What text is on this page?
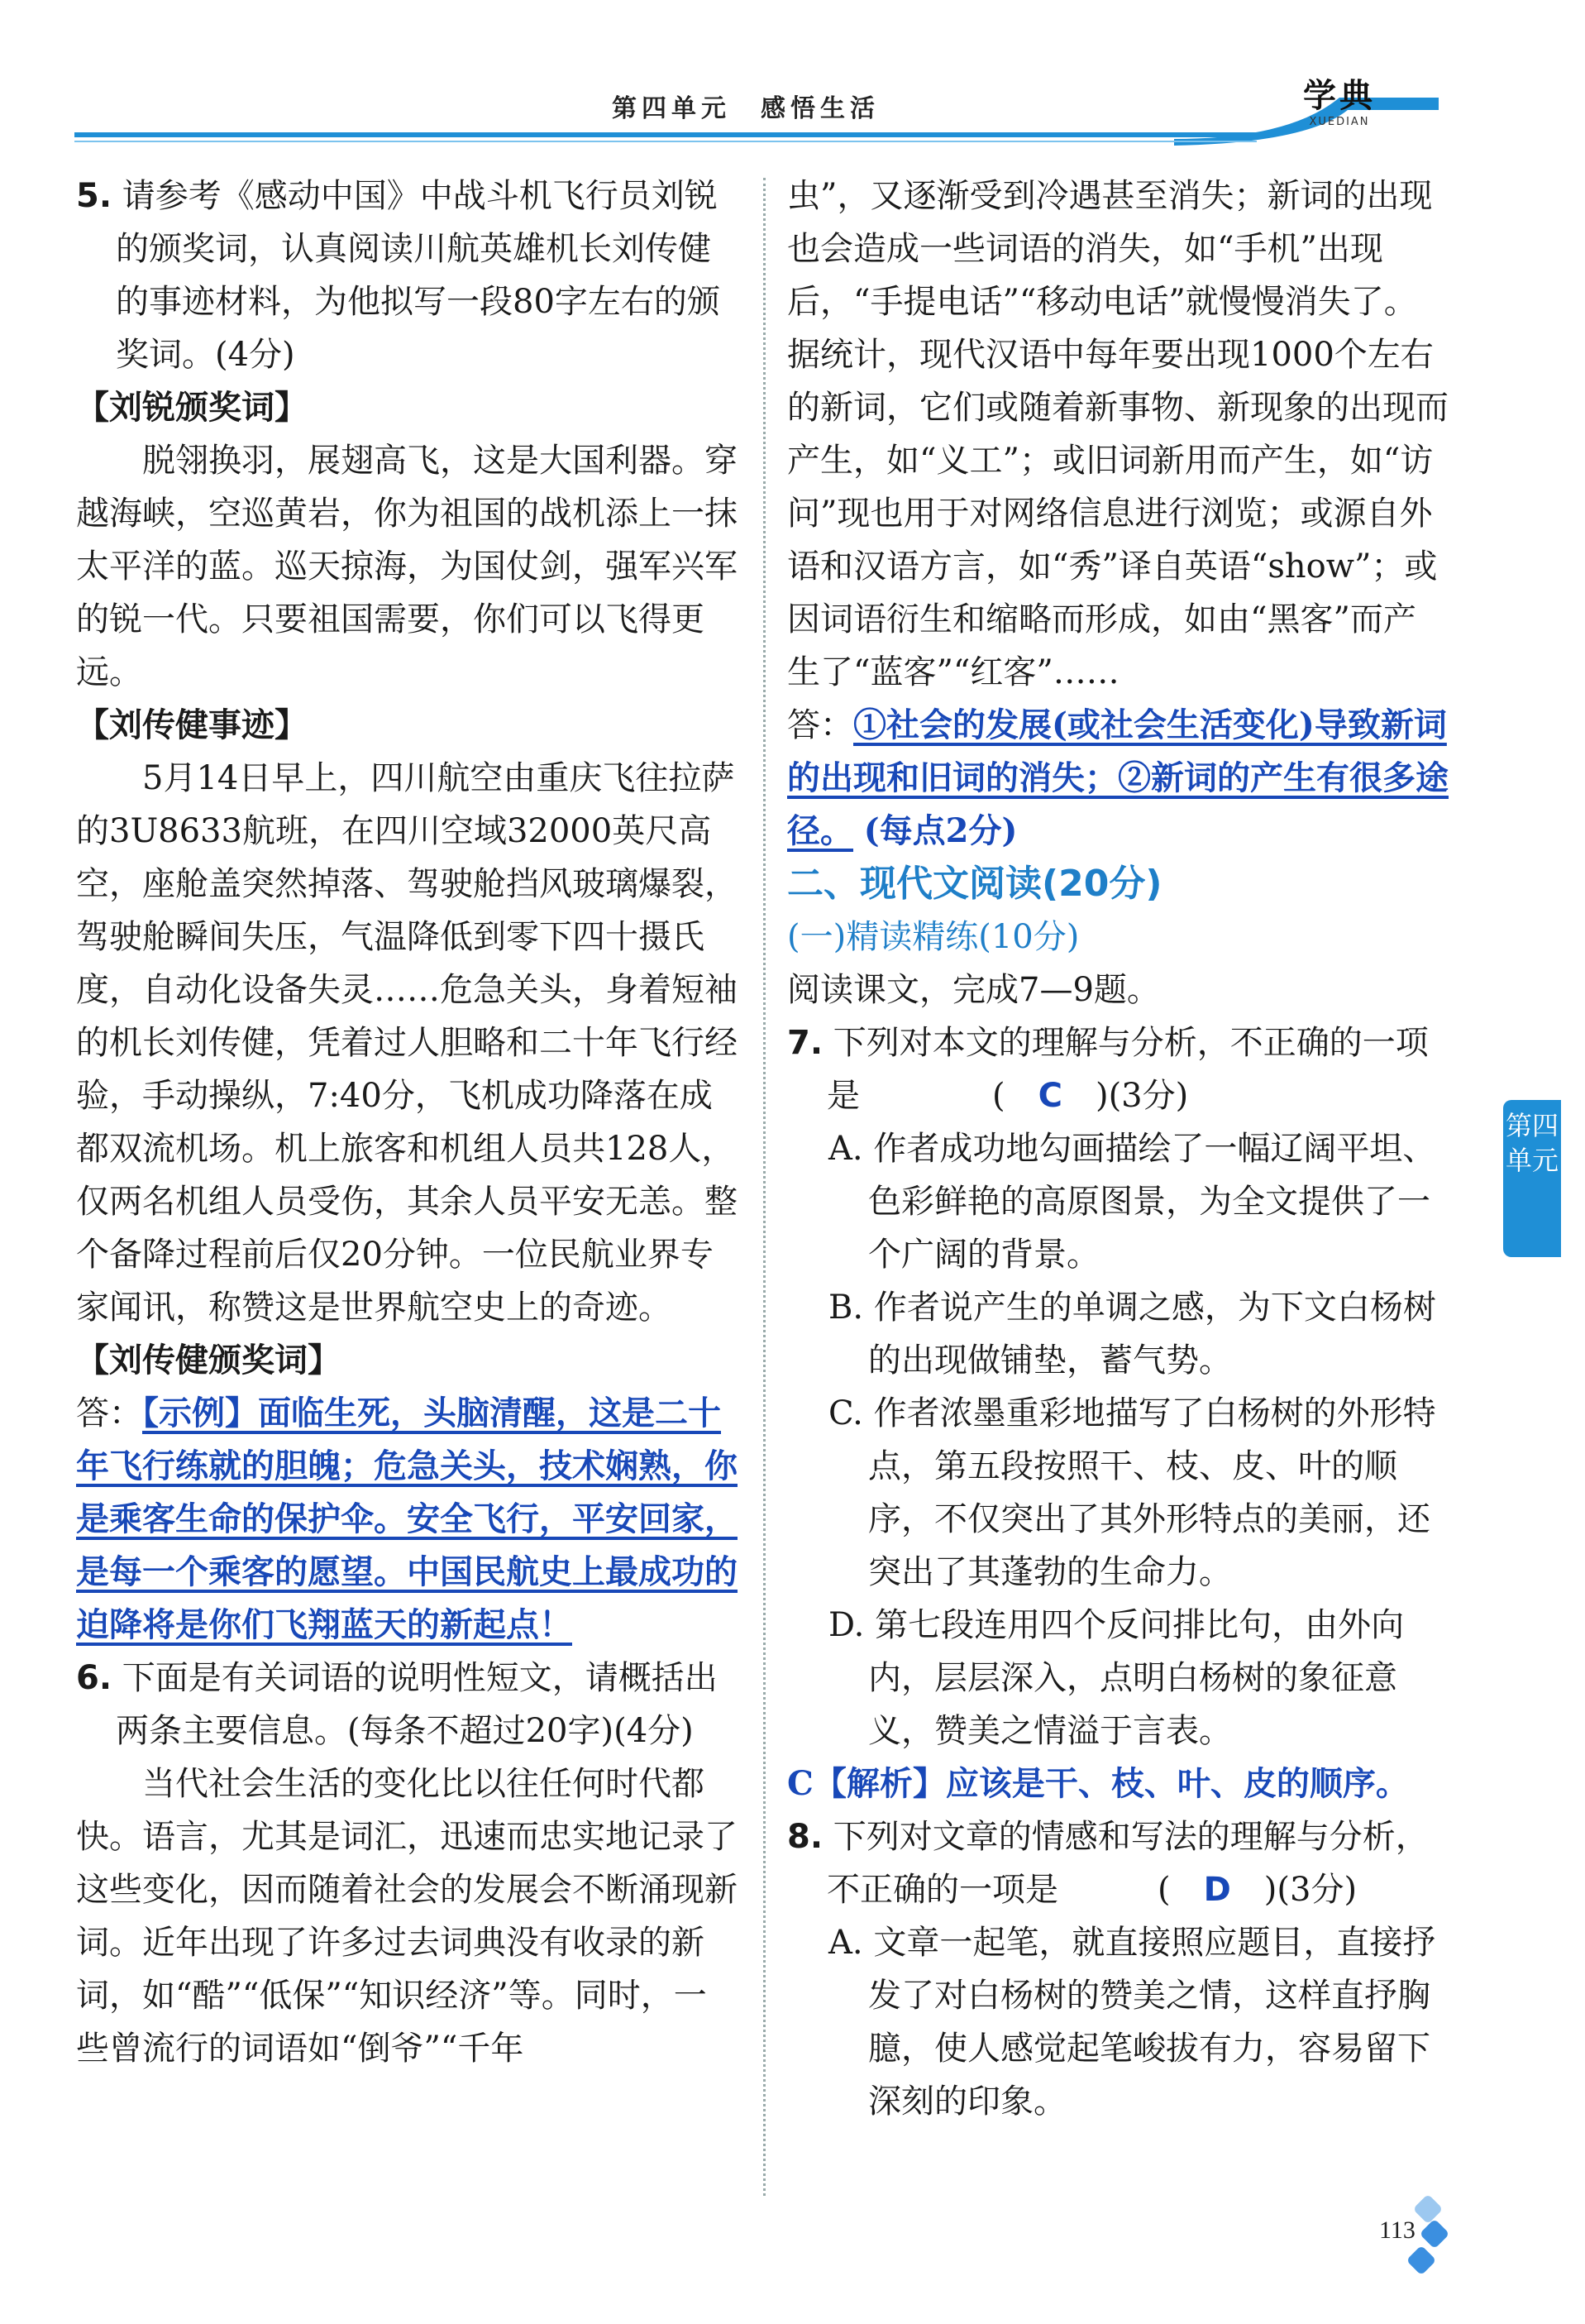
第四单元　感悟生活	学典
XUEDIAN

5. 请参考《感动中国》中战斗机飞行员刘锐的颁奖词，认真阅读川航英雄机长刘传健的事迹材料，为他拟写一段80字左右的颁奖词。(4分)

【刘锐颁奖词】

脱翎换羽，展翅高飞，这是大国利器。穿越海峡，空巡黄岩，你为祖国的战机添上一抹太平洋的蓝。巡天掠海，为国仗剑，强军兴军的锐一代。只要祖国需要，你们可以飞得更远。

【刘传健事迹】

5月14日早上，四川航空由重庆飞往拉萨的3U8633航班，在四川空域32000英尺高空，座舱盖突然掉落、驾驶舱挡风玻璃爆裂，驾驶舱瞬间失压，气温降低到零下四十摄氏度，自动化设备失灵……危急关头，身着短袖的机长刘传健，凭着过人胆略和二十年飞行经验，手动操纵，7:40分，飞机成功降落在成都双流机场。机上旅客和机组人员共128人，仅两名机组人员受伤，其余人员平安无恙。整个备降过程前后仅20分钟。一位民航业界专家闻讯，称赞这是世界航空史上的奇迹。

【刘传健颁奖词】

答：【示例】面临生死，头脑清醒，这是二十年飞行练就的胆魄；危急关头，技术娴熟，你是乘客生命的保护伞。安全飞行，平安回家，是每一个乘客的愿望。中国民航史上最成功的迫降将是你们飞翔蓝天的新起点！

6. 下面是有关词语的说明性短文，请概括出两条主要信息。(每条不超过20字)(4分)

当代社会生活的变化比以往任何时代都快。语言，尤其是词汇，迅速而忠实地记录了这些变化，因而随着社会的发展会不断涌现新词。近年出现了许多过去词典没有收录的新词，如“酷”“低保”“知识经济”等。同时，一些曾流行的词语如“倒爷”“千年

虫”，又逐渐受到冷遇甚至消失；新词的出现也会造成一些词语的消失，如“手机”出现后，“手提电话”“移动电话”就慢慢消失了。据统计，现代汉语中每年要出现1000个左右的新词，它们或随着新事物、新现象的出现而产生，如“义工”；或旧词新用而产生，如“访问”现也用于对网络信息进行浏览；或源自外语和汉语方言，如“秀”译自英语“show”；或因词语衍生和缩略而形成，如由“黑客”而产生了“蓝客”“红客”……

答：①社会的发展(或社会生活变化)导致新词的出现和旧词的消失；②新词的产生有很多途径。 (每点2分)

二、现代文阅读(20分)

(一)精读精练(10分)

阅读课文，完成7—9题。

7. 下列对本文的理解与分析，不正确的一项是　　　　(　C　)(3分)

A. 作者成功地勾画描绘了一幅辽阔平坦、色彩鲜艳的高原图景，为全文提供了一个广阔的背景。

B. 作者说产生的单调之感，为下文白杨树的出现做铺垫，蓄气势。

C. 作者浓墨重彩地描写了白杨树的外形特点，第五段按照干、枝、皮、叶的顺序，不仅突出了其外形特点的美丽，还突出了其蓬勃的生命力。

D. 第七段连用四个反问排比句，由外向内，层层深入，点明白杨树的象征意义，赞美之情溢于言表。

C【解析】应该是干、枝、叶、皮的顺序。

8. 下列对文章的情感和写法的理解与分析，不正确的一项是　　　(　D　)(3分)

A. 文章一起笔，就直接照应题目，直接抒发了对白杨树的赞美之情，这样直抒胸臆，使人感觉起笔峻拔有力，容易留下深刻的印象。

第四单元
113
